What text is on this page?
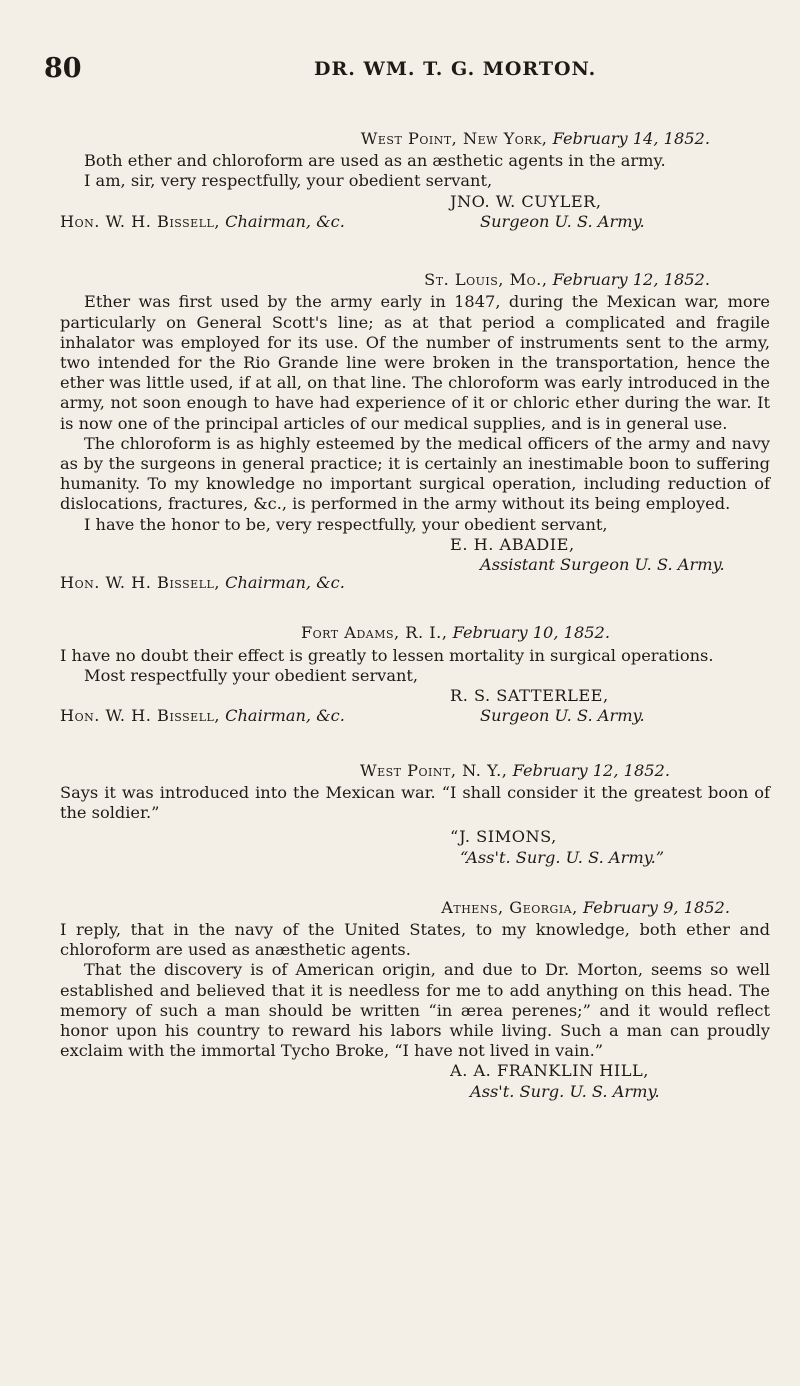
80	DR. WM. T. G. MORTON.

West Point, New York, February 14, 1852.

Both ether and chloroform are used as an æsthetic agents in the army.

I am, sir, very respectfully, your obedient servant,

JNO. W. CUYLER,

Surgeon U. S. Army.

Hon. W. H. Bissell, Chairman, &c.

St. Louis, Mo., February 12, 1852.

Ether was first used by the army early in 1847, during the Mexican war, more particularly on General Scott's line; as at that period a complicated and fragile inhalator was employed for its use. Of the number of instruments sent to the army, two intended for the Rio Grande line were broken in the transportation, hence the ether was little used, if at all, on that line. The chloroform was early introduced in the army, not soon enough to have had experience of it or chloric ether during the war. It is now one of the principal articles of our medical supplies, and is in general use.

The chloroform is as highly esteemed by the medical officers of the army and navy as by the surgeons in general practice; it is certainly an inestimable boon to suffering humanity. To my knowledge no important surgical operation, including reduction of dislocations, fractures, &c., is performed in the army without its being employed.

I have the honor to be, very respectfully, your obedient servant,

E. H. ABADIE,

Assistant Surgeon U. S. Army.

Hon. W. H. Bissell, Chairman, &c.

Fort Adams, R. I., February 10, 1852.

I have no doubt their effect is greatly to lessen mortality in surgical operations.

Most respectfully your obedient servant,

R. S. SATTERLEE,

Surgeon U. S. Army.

Hon. W. H. Bissell, Chairman, &c.

West Point, N. Y., February 12, 1852.

Says it was introduced into the Mexican war. “I shall consider it the greatest boon of the soldier.”

“J. SIMONS,

“Ass't. Surg. U. S. Army.”

Athens, Georgia, February 9, 1852.

I reply, that in the navy of the United States, to my knowledge, both ether and chloroform are used as anæsthetic agents.

That the discovery is of American origin, and due to Dr. Morton, seems so well established and believed that it is needless for me to add anything on this head. The memory of such a man should be written “in ærea perenes;” and it would reflect honor upon his country to reward his labors while living. Such a man can proudly exclaim with the immortal Tycho Broke, “I have not lived in vain.”

A. A. FRANKLIN HILL,

Ass't. Surg. U. S. Army.
